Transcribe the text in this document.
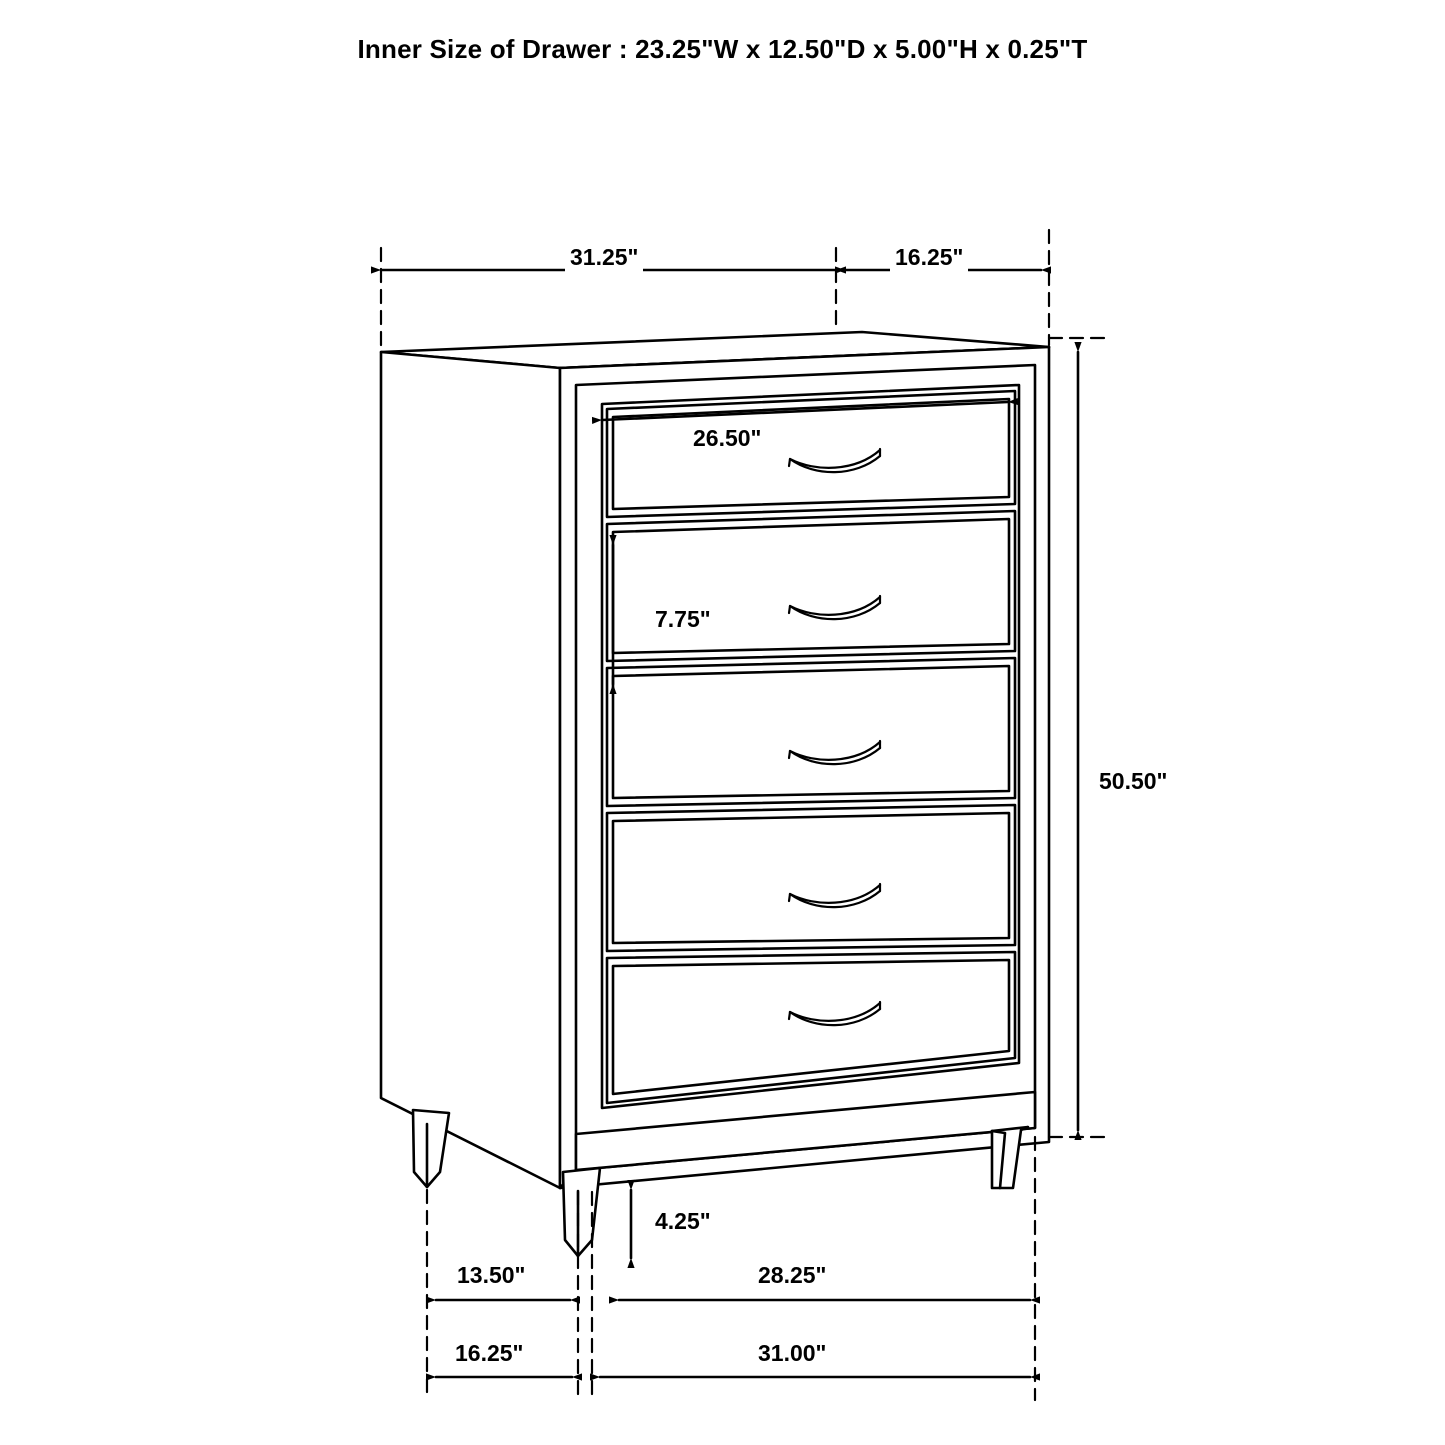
Inner Size of Drawer : 23.25"W x 12.50"D x 5.00"H x 0.25"T
31.25"	16.25"
26.50"
7.75"
50.50"
4.25"
13.50"	28.25"
16.25"	31.00"
